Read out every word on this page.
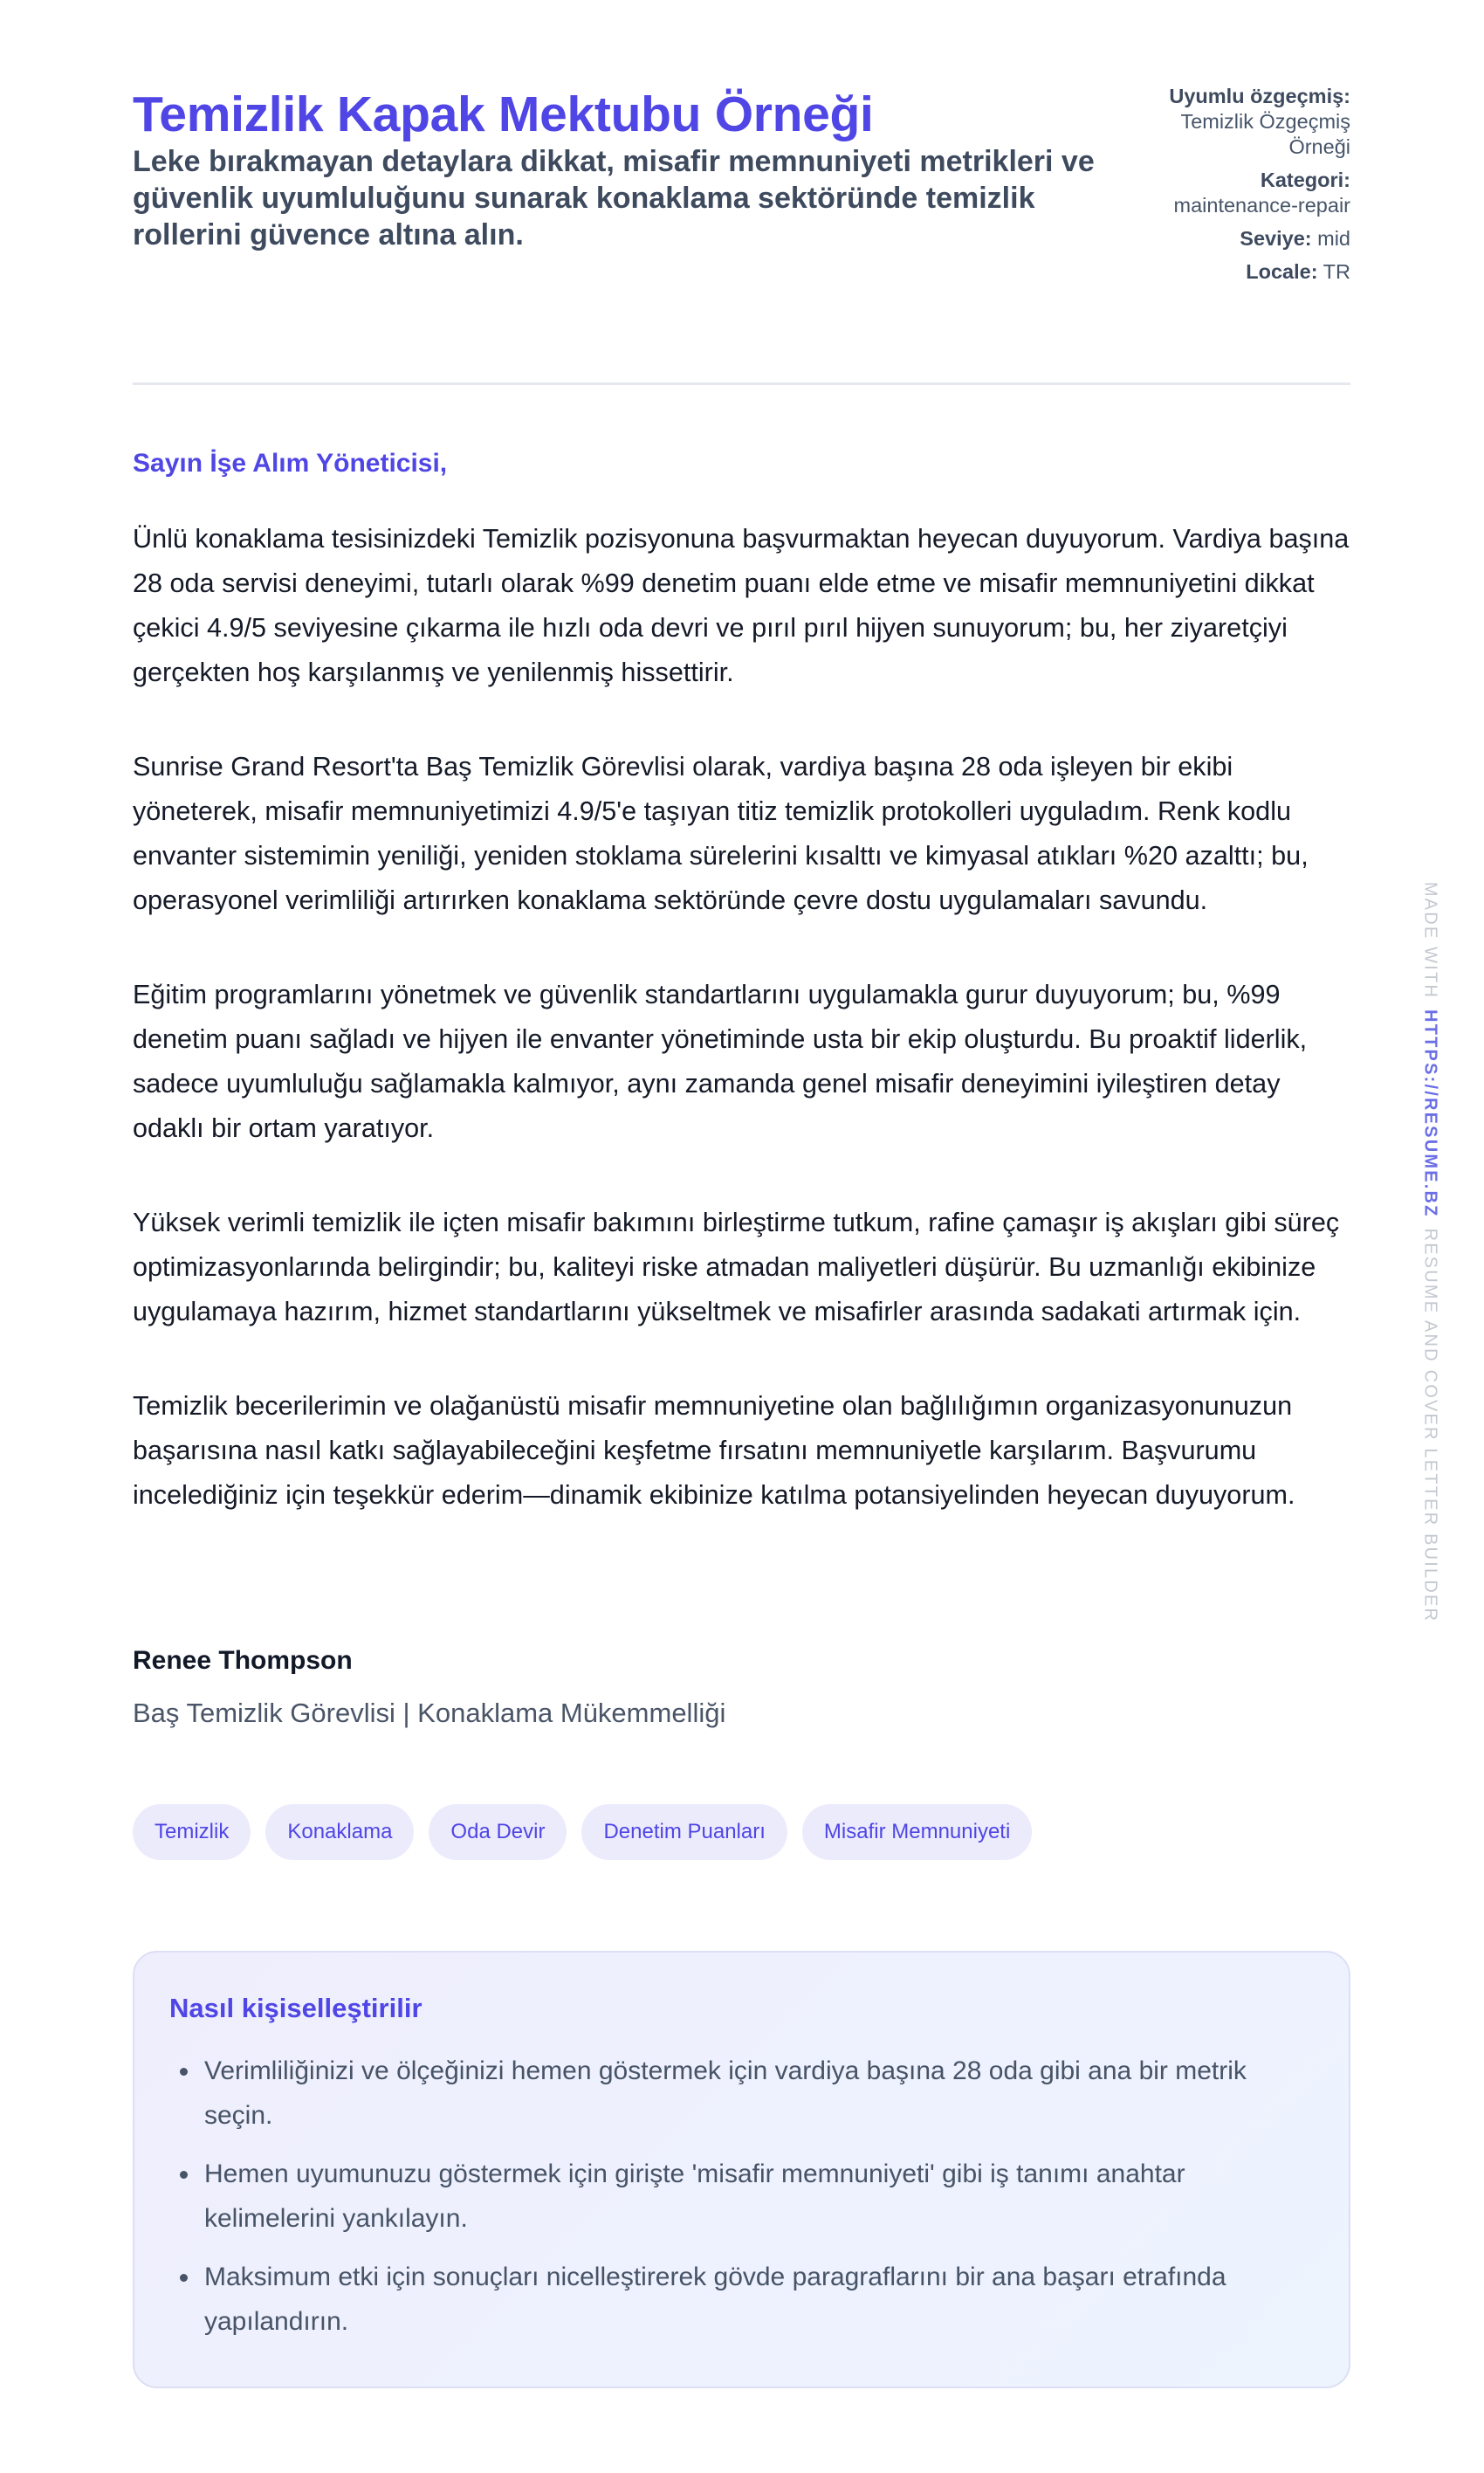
Temizlik Kapak Mektubu Örneği
Leke bırakmayan detaylara dikkat, misafir memnuniyeti metrikleri ve güvenlik uyumluluğunu sunarak konaklama sektöründe temizlik rollerini güvence altına alın.
Uyumlu özgeçmiş: Temizlik Özgeçmiş Örneği
Kategori: maintenance-repair
Seviye: mid
Locale: TR

Sayın İşe Alım Yöneticisi,

Ünlü konaklama tesisinizdeki Temizlik pozisyonuna başvurmaktan heyecan duyuyorum. Vardiya başına 28 oda servisi deneyimi, tutarlı olarak %99 denetim puanı elde etme ve misafir memnuniyetini dikkat çekici 4.9/5 seviyesine çıkarma ile hızlı oda devri ve pırıl pırıl hijyen sunuyorum; bu, her ziyaretçiyi gerçekten hoş karşılanmış ve yenilenmiş hissettirir.

Sunrise Grand Resort'ta Baş Temizlik Görevlisi olarak, vardiya başına 28 oda işleyen bir ekibi yöneterek, misafir memnuniyetimizi 4.9/5'e taşıyan titiz temizlik protokolleri uyguladım. Renk kodlu envanter sistemimin yeniliği, yeniden stoklama sürelerini kısalttı ve kimyasal atıkları %20 azalttı; bu, operasyonel verimliliği artırırken konaklama sektöründe çevre dostu uygulamaları savundu.

Eğitim programlarını yönetmek ve güvenlik standartlarını uygulamakla gurur duyuyorum; bu, %99 denetim puanı sağladı ve hijyen ile envanter yönetiminde usta bir ekip oluşturdu. Bu proaktif liderlik, sadece uyumluluğu sağlamakla kalmıyor, aynı zamanda genel misafir deneyimini iyileştiren detay odaklı bir ortam yaratıyor.

Yüksek verimli temizlik ile içten misafir bakımını birleştirme tutkum, rafine çamaşır iş akışları gibi süreç optimizasyonlarında belirgindir; bu, kaliteyi riske atmadan maliyetleri düşürür. Bu uzmanlığı ekibinize uygulamaya hazırım, hizmet standartlarını yükseltmek ve misafirler arasında sadakati artırmak için.

Temizlik becerilerimin ve olağanüstü misafir memnuniyetine olan bağlılığımın organizasyonunuzun başarısına nasıl katkı sağlayabileceğini keşfetme fırsatını memnuniyetle karşılarım. Başvurumu incelediğiniz için teşekkür ederim—dinamik ekibinize katılma potansiyelinden heyecan duyuyorum.

Renee Thompson
Baş Temizlik Görevlisi | Konaklama Mükemmelliği
Temizlik	Konaklama	Oda Devir	Denetim Puanları	Misafir Memnuniyeti
Nasıl kişiselleştirilir
• Verimliliğinizi ve ölçeğinizi hemen göstermek için vardiya başına 28 oda gibi ana bir metrik seçin.
• Hemen uyumunuzu göstermek için girişte 'misafir memnuniyeti' gibi iş tanımı anahtar kelimelerini yankılayın.
• Maksimum etki için sonuçları nicelleştirerek gövde paragraflarını bir ana başarı etrafında yapılandırın.
MADE WITHHTTPS://RESUME.BZRESUME AND COVER LETTER BUILDER
